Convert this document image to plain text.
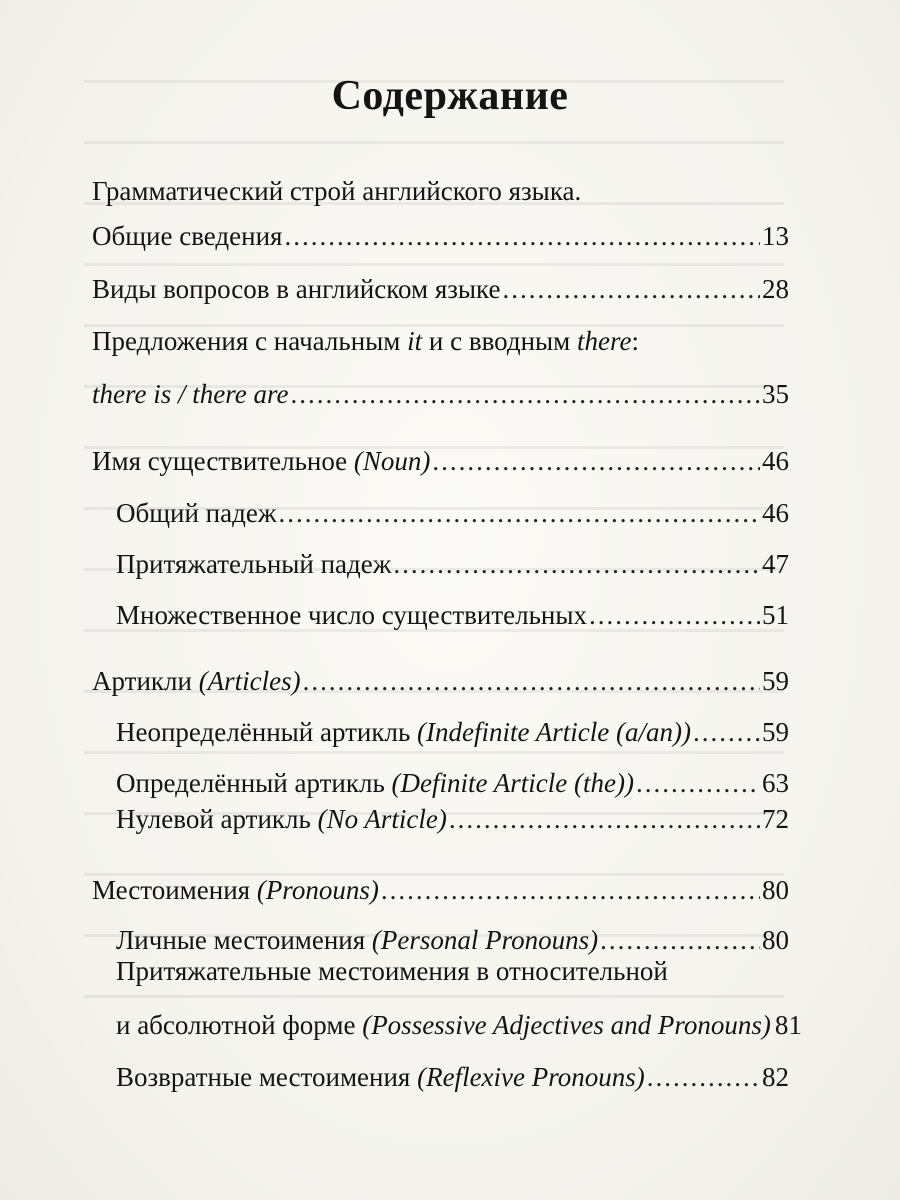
Содержание
Грамматический строй английского языка.
Общие сведения .....	13
Виды вопросов в английском языке .....	28
Предложения с начальным it и с вводным there:
there is / there are .....	35
Имя существительное (Noun) .....	46
Общий падеж .....	46
Притяжательный падеж .....	47
Множественное число существительных .....	51
Артикли (Articles) .....	59
Неопределённый артикль (Indefinite Article (a/an)) .....	59
Определённый артикль (Definite Article (the)) .....	63
Нулевой артикль (No Article) .....	72
Местоимения (Pronouns) .....	80
Личные местоимения (Personal Pronouns) .....	80
Притяжательные местоимения в относительной
и абсолютной форме (Possessive Adjectives and Pronouns) 81
Возвратные местоимения (Reflexive Pronouns) .....	82
